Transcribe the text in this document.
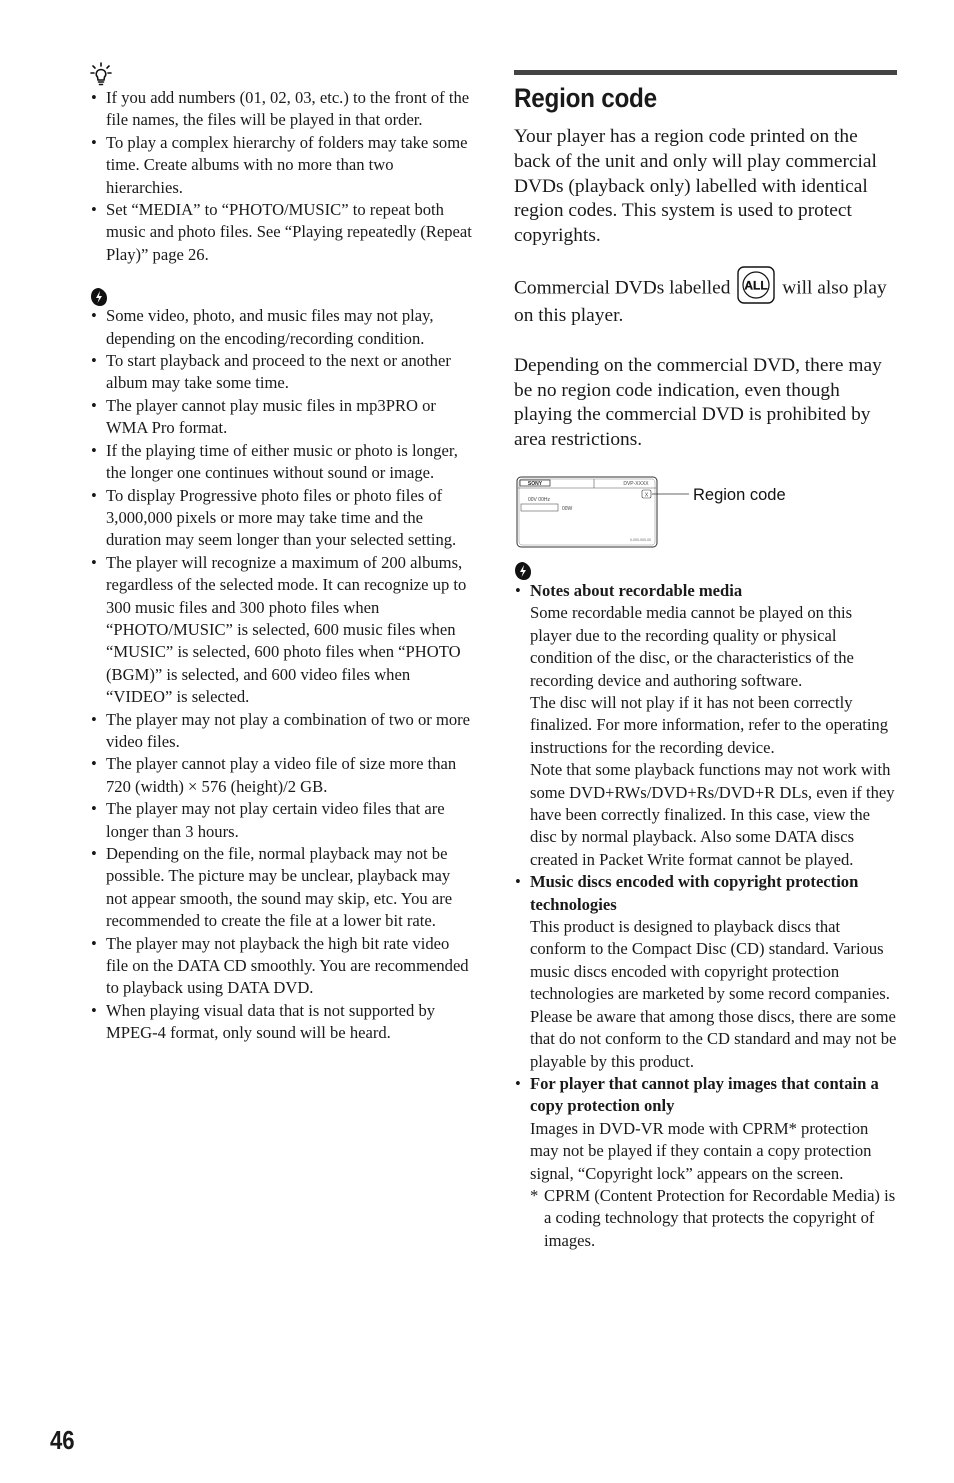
• If you add numbers (01, 02, 03, etc.) to the front of the file names, the files will be played in that order.
• To play a complex hierarchy of folders may take some time. Create albums with no more than two hierarchies.
• Set “MEDIA” to “PHOTO/MUSIC” to repeat both music and photo files. See “Playing repeatedly (Repeat Play)” page 26.
• Some video, photo, and music files may not play, depending on the encoding/recording condition.
• To start playback and proceed to the next or another album may take some time.
• The player cannot play music files in mp3PRO or WMA Pro format.
• If the playing time of either music or photo is longer, the longer one continues without sound or image.
• To display Progressive photo files or photo files of 3,000,000 pixels or more may take time and the duration may seem longer than your selected setting.
• The player will recognize a maximum of 200 albums, regardless of the selected mode. It can recognize up to 300 music files and 300 photo files when “PHOTO/MUSIC” is selected, 600 music files when “MUSIC” is selected, 600 photo files when “PHOTO (BGM)” is selected, and 600 video files when “VIDEO” is selected.
• The player may not play a combination of two or more video files.
• The player cannot play a video file of size more than 720 (width) × 576 (height)/2 GB.
• The player may not play certain video files that are longer than 3 hours.
• Depending on the file, normal playback may not be possible. The picture may be unclear, playback may not appear smooth, the sound may skip, etc. You are recommended to create the file at a lower bit rate.
• The player may not playback the high bit rate video file on the DATA CD smoothly. You are recommended to playback using DATA DVD.
• When playing visual data that is not supported by MPEG-4 format, only sound will be heard.
Region code

Your player has a region code printed on the back of the unit and only will play commercial DVDs (playback only) labelled with identical region codes. This system is used to protect copyrights.

Commercial DVDs labelled ALL will also play on this player.

Depending on the commercial DVD, there may be no region code indication, even though playing the commercial DVD is prohibited by area restrictions.

SONY	DVP-XXXX
X
00V 00Hz
00W
0-000-000-00
Region code
• Notes about recordable media
Some recordable media cannot be played on this player due to the recording quality or physical condition of the disc, or the characteristics of the recording device and authoring software.
The disc will not play if it has not been correctly finalized. For more information, refer to the operating instructions for the recording device.
Note that some playback functions may not work with some DVD+RWs/DVD+Rs/DVD+R DLs, even if they have been correctly finalized. In this case, view the disc by normal playback. Also some DATA discs created in Packet Write format cannot be played.
• Music discs encoded with copyright protection technologies
This product is designed to playback discs that conform to the Compact Disc (CD) standard. Various music discs encoded with copyright protection technologies are marketed by some record companies. Please be aware that among those discs, there are some that do not conform to the CD standard and may not be playable by this product.
• For player that cannot play images that contain a copy protection only
Images in DVD-VR mode with CPRM* protection may not be played if they contain a copy protection signal, “Copyright lock” appears on the screen.
* CPRM (Content Protection for Recordable Media) is a coding technology that protects the copyright of images.
46
